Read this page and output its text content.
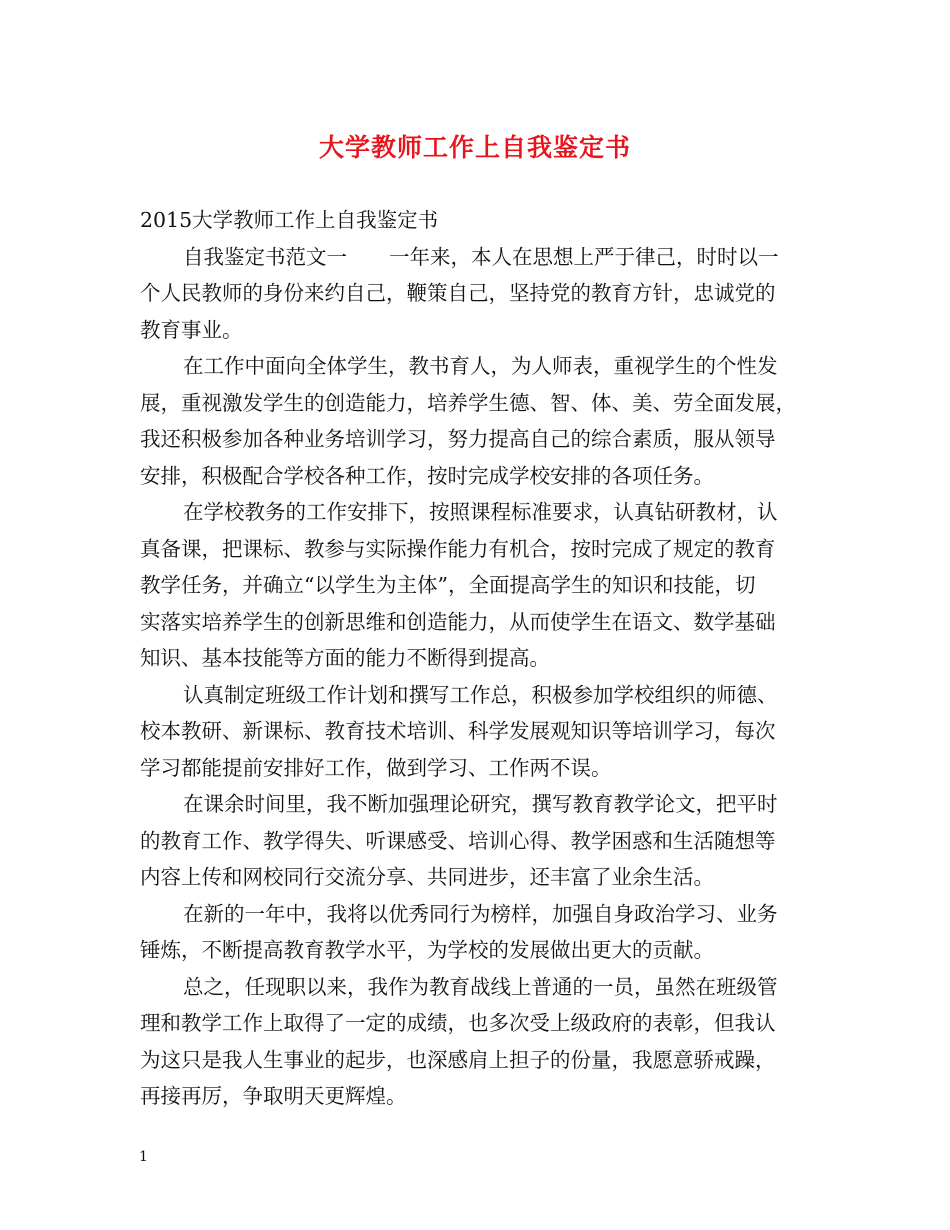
大学教师工作上自我鉴定书
2015大学教师工作上自我鉴定书
自我鉴定书范文一 一年来，本人在思想上严于律己，时时以一
个人民教师的身份来约自己，鞭策自己，坚持党的教育方针，忠诚党的
教育事业。
在工作中面向全体学生，教书育人，为人师表，重视学生的个性发
展，重视激发学生的创造能力，培养学生德、智、体、美、劳全面发展，
我还积极参加各种业务培训学习，努力提高自己的综合素质，服从领导
安排，积极配合学校各种工作，按时完成学校安排的各项任务。
在学校教务的工作安排下，按照课程标准要求，认真钻研教材，认
真备课，把课标、教参与实际操作能力有机合，按时完成了规定的教育
教学任务，并确立“以学生为主体”，全面提高学生的知识和技能，切
实落实培养学生的创新思维和创造能力，从而使学生在语文、数学基础
知识、基本技能等方面的能力不断得到提高。
认真制定班级工作计划和撰写工作总，积极参加学校组织的师德、
校本教研、新课标、教育技术培训、科学发展观知识等培训学习，每次
学习都能提前安排好工作，做到学习、工作两不误。
在课余时间里，我不断加强理论研究，撰写教育教学论文，把平时
的教育工作、教学得失、听课感受、培训心得、教学困惑和生活随想等
内容上传和网校同行交流分享、共同进步，还丰富了业余生活。
在新的一年中，我将以优秀同行为榜样，加强自身政治学习、业务
锤炼，不断提高教育教学水平，为学校的发展做出更大的贡献。
总之，任现职以来，我作为教育战线上普通的一员，虽然在班级管
理和教学工作上取得了一定的成绩，也多次受上级政府的表彰，但我认
为这只是我人生事业的起步，也深感肩上担子的份量，我愿意骄戒躁，
再接再厉，争取明天更辉煌。
1
